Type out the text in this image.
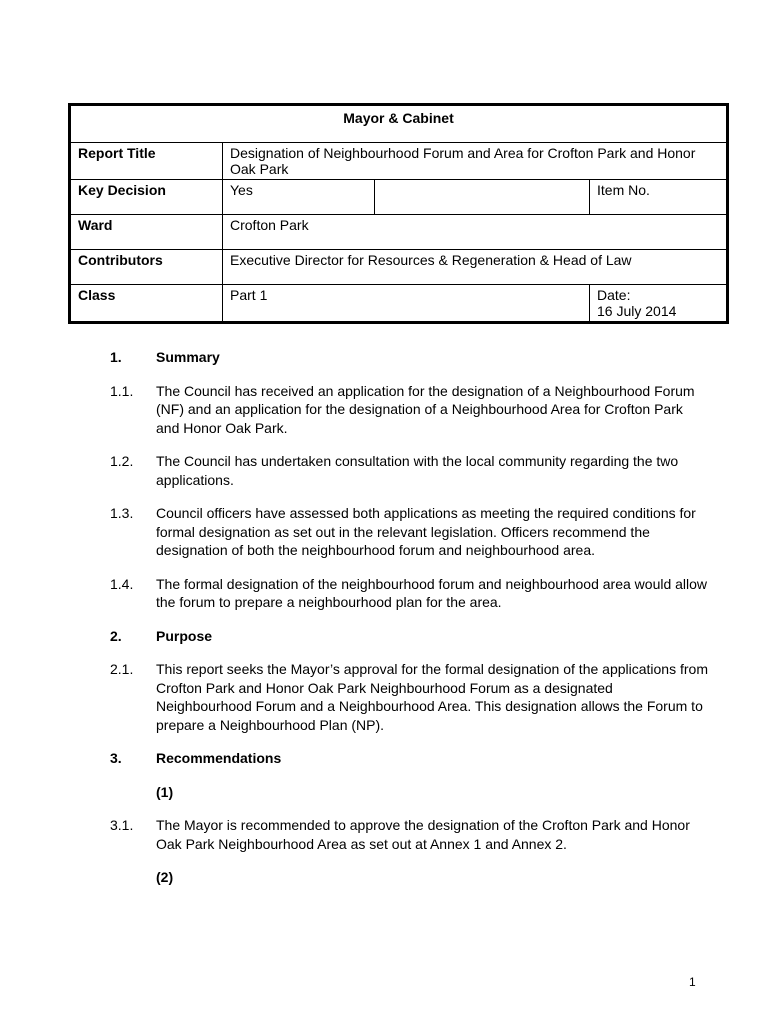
Mayor & Cabinet			
Report Title	Designation of Neighbourhood Forum and Area for Crofton Park and Honor Oak Park		
Key Decision	Yes		Item No.
Ward	Crofton Park		
Contributors	Executive Director for Resources & Regeneration & Head of Law		
Class	Part 1		Date:
16 July 2014
1.	Summary
1.1.	The Council has received an application for the designation of a Neighbourhood Forum (NF) and an application for the designation of a Neighbourhood Area for Crofton Park and Honor Oak Park.
1.2.	The Council has undertaken consultation with the local community regarding the two applications.
1.3.	Council officers have assessed both applications as meeting the required conditions for formal designation as set out in the relevant legislation. Officers recommend the designation of both the neighbourhood forum and neighbourhood area.
1.4.	The formal designation of the neighbourhood forum and neighbourhood area would allow the forum to prepare a neighbourhood plan for the area.
2.	Purpose
2.1.	This report seeks the Mayor’s approval for the formal designation of the applications from Crofton Park and Honor Oak Park Neighbourhood Forum as a designated Neighbourhood Forum and a Neighbourhood Area. This designation allows the Forum to prepare a Neighbourhood Plan (NP).
3.	Recommendations
(1)
3.1.	The Mayor is recommended to approve the designation of the Crofton Park and Honor Oak Park Neighbourhood Area as set out at Annex 1 and Annex 2.
(2)
1
